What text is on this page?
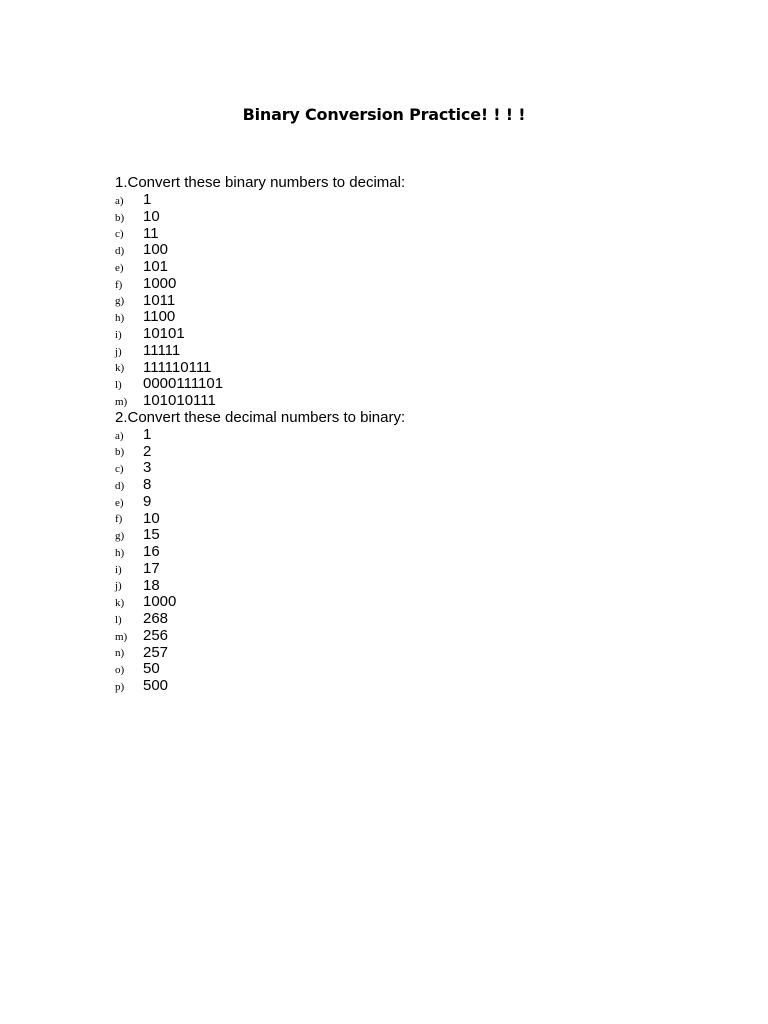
Binary Conversion Practice! ! ! !
1.Convert these binary numbers to decimal:
a) 1
b) 10
c) 11
d) 100
e) 101
f) 1000
g) 1011
h) 1100
i) 10101
j) 11111
k) 111110111
l) 0000111101
m) 101010111
2.Convert these decimal numbers to binary:
a) 1
b) 2
c) 3
d) 8
e) 9
f) 10
g) 15
h) 16
i) 17
j) 18
k) 1000
l) 268
m) 256
n) 257
o) 50
p) 500
